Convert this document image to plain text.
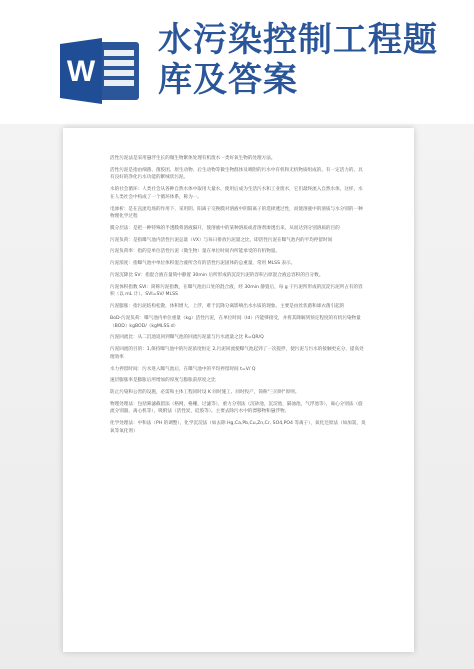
W
水污染控制工程题
库及答案

活性污泥法是采用悬浮生长的微生物絮体处理有机废水一类好氧生物的处理方法。

活性污泥是指由细菌、菌胶团、原生动物、后生动物等微生物群体及吸附的污水中有机和无机物质组成的、有一定活力的、具有良好的净化污水功能的絮绒状污泥。

水的社会循环：人类社会从各种自然水体中取用大量水，使用后成为生活污水和工业废水，它们最终流入自然水体，这样，水在人类社会中构成了一个循环体系，称为一。

电渗析：是在直流电场的作用下，采用阴、阳离子交换膜对溶液中阴阳离子的选择透过性，而使溶液中的溶质与水分别的一种物理化学过程

膜分层法：是把一种特殊的半透膜将溶液隔开，使溶液中的某种溶质或者溶剂渗透出来，从而达到分别溶质的目的

污泥负荷：是指曝气池内活性污泥总量（VX）与每日排放污泥量之比，即活性污泥在曝气池内的平均停留时间

污泥负荷率：指的是单位活性污泥（微生物）量在单位时间内所能承受的有机物量。

污泥浓度：指曝气池中单位体积混合液所含有的活性污泥固体的总重量，常用 MLSS 表示。

污泥沉降比 SV：指混合液在量筒中静置 30min 后所形成的沉淀污泥的容积占原混合液总容积的百分数。

污泥体积指数 SVI：简称污泥指数，在曝气池出口处的混合液，经 30min 静置后，每 g 干污泥所形成的沉淀污泥所占有的容积（以 mL 计）。SVI=SV/ MLSS

污泥膨胀：指污泥结构松散，体积增大，上浮，难于沉降分离影响出水水质的现象。主要是由丝状菌和球衣菌引起的

BoD-污泥负荷：曝气池内单位重量（kg）活性污泥，在单位时间（Id）内能够接受，并将其降解到预定程度的有机污染物量（BOD）kgBOD/（kgMLSS.d）

污泥回流比：从二沉池返回到曝气池的回流污泥量与污水流量之比 R=QR/Q

污泥回流的目的：1,保持曝气池中的污泥浓度恒定 2,污泥回流使曝气池起到了一次搅拌，使污泥与污水的接触更充分，提高处理效率

水力停留时间：污水进入曝气池后，在曝气池中的平均停留时间 t=V/ Q

速层膨胀率是膨胀后所增加的厚度与膨胀前厚度之比

防止污染和公害的设施，必需和主体工程同时设 K 同时施工、同时投产，简称"三同时"原则。

物理处理法：包括筛滤截留法（格网，格栅，过滤等），重力分别法（沉砂池，沉淀池，隔油池，气浮池等），离心分别法（旋流分别器，离心机等），吸附法（活性炭，硅胶等）。主要去除污水中的漂移物和悬浮物。

化学处理法：中和法（PH 的调整），化学沉淀法（如去除 Hg,Ca,Pb,Cu,Zn,Cr, SO4,PO4 等离子），氧化还原法（如加氯，臭氧等氧化剂）
